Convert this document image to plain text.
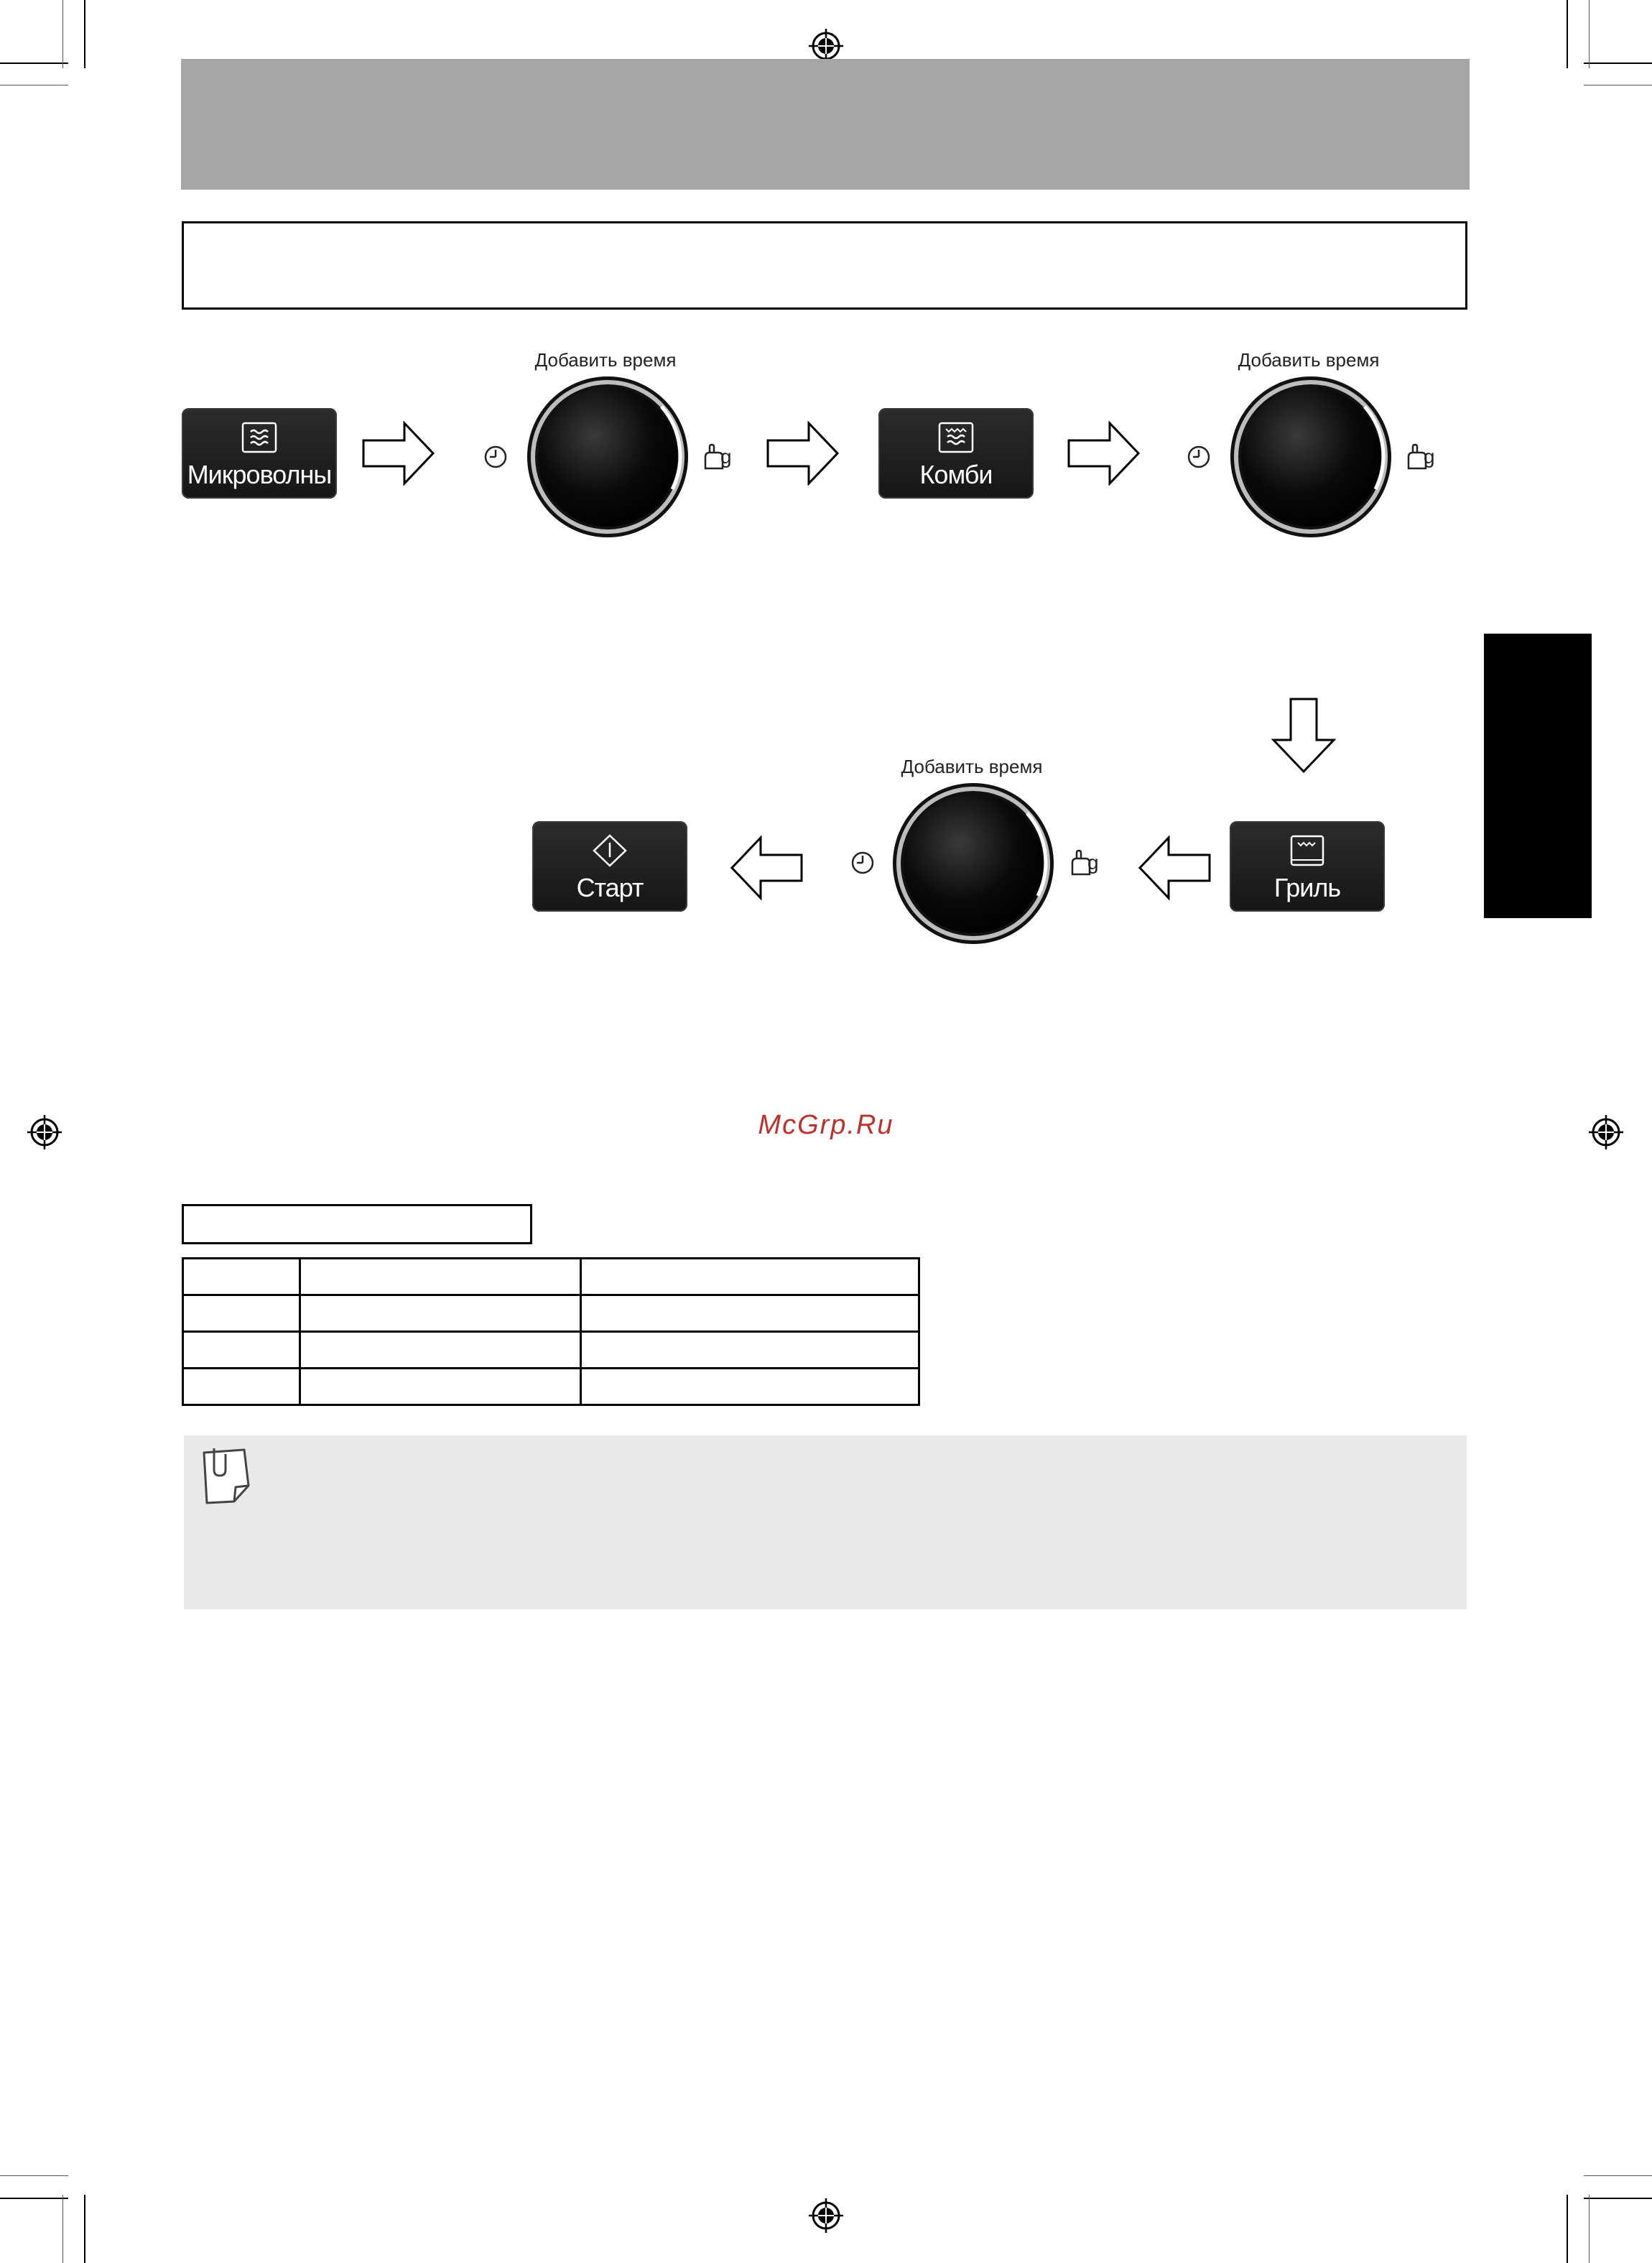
Микроволны
Добавить время
g
Комби
Добавить время
g
Старт
Добавить время
g
Гриль
McGrp.Ru
